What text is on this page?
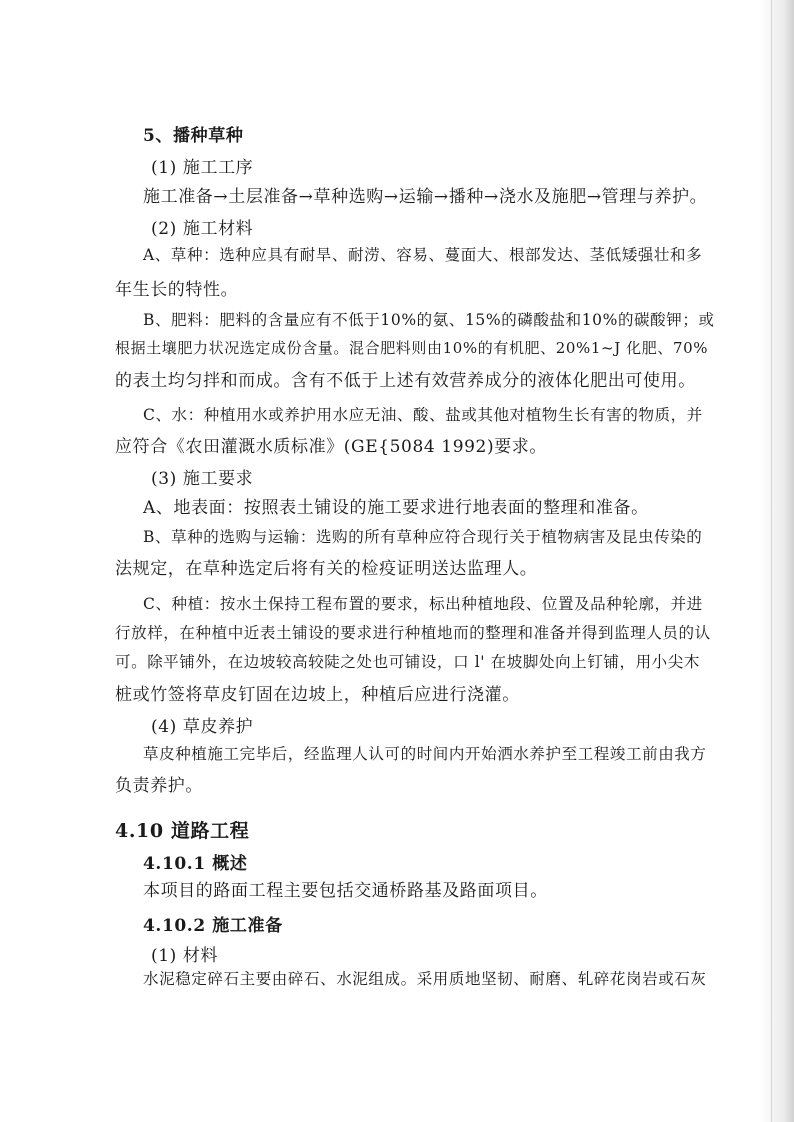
5、播种草种
(1) 施工工序
施工准备→土层准备→草种选购→运输→播种→浇水及施肥→管理与养护。
(2) 施工材料
A、草种：选种应具有耐旱、耐涝、容易、蔓面大、根部发达、茎低矮强壮和多
年生长的特性。
B、肥料：肥料的含量应有不低于10%的氨、15%的磷酸盐和10%的碳酸钾；或
根据土壤肥力状况选定成份含量。混合肥料则由10%的有机肥、20%1~J 化肥、70%
的表土均匀拌和而成。含有不低于上述有效营养成分的液体化肥出可使用。
C、水：种植用水或养护用水应无油、酸、盐或其他对植物生长有害的物质，并
应符合《农田灌溉水质标准》(GE{5084 1992)要求。
(3) 施工要求
A、地表面：按照表土铺设的施工要求进行地表面的整理和准备。
B、草种的选购与运输：选购的所有草种应符合现行关于植物病害及昆虫传染的
法规定，在草种选定后将有关的检疫证明送达监理人。
C、种植：按水土保持工程布置的要求，标出种植地段、位置及品种轮廓，并进
行放样，在种植中近表土铺设的要求进行种植地而的整理和准备并得到监理人员的认
可。除平铺外，在边坡较高较陡之处也可铺设，口 l' 在坡脚处向上钉铺，用小尖木
桩或竹签将草皮钉固在边坡上，种植后应进行浇灌。
(4) 草皮养护
草皮种植施工完毕后，经监理人认可的时间内开始洒水养护至工程竣工前由我方
负责养护。
4.10 道路工程
4.10.1 概述
本项目的路面工程主要包括交通桥路基及路面项目。
4.10.2 施工准备
(1) 材料
水泥稳定碎石主要由碎石、水泥组成。采用质地坚韧、耐磨、轧碎花岗岩或石灰
